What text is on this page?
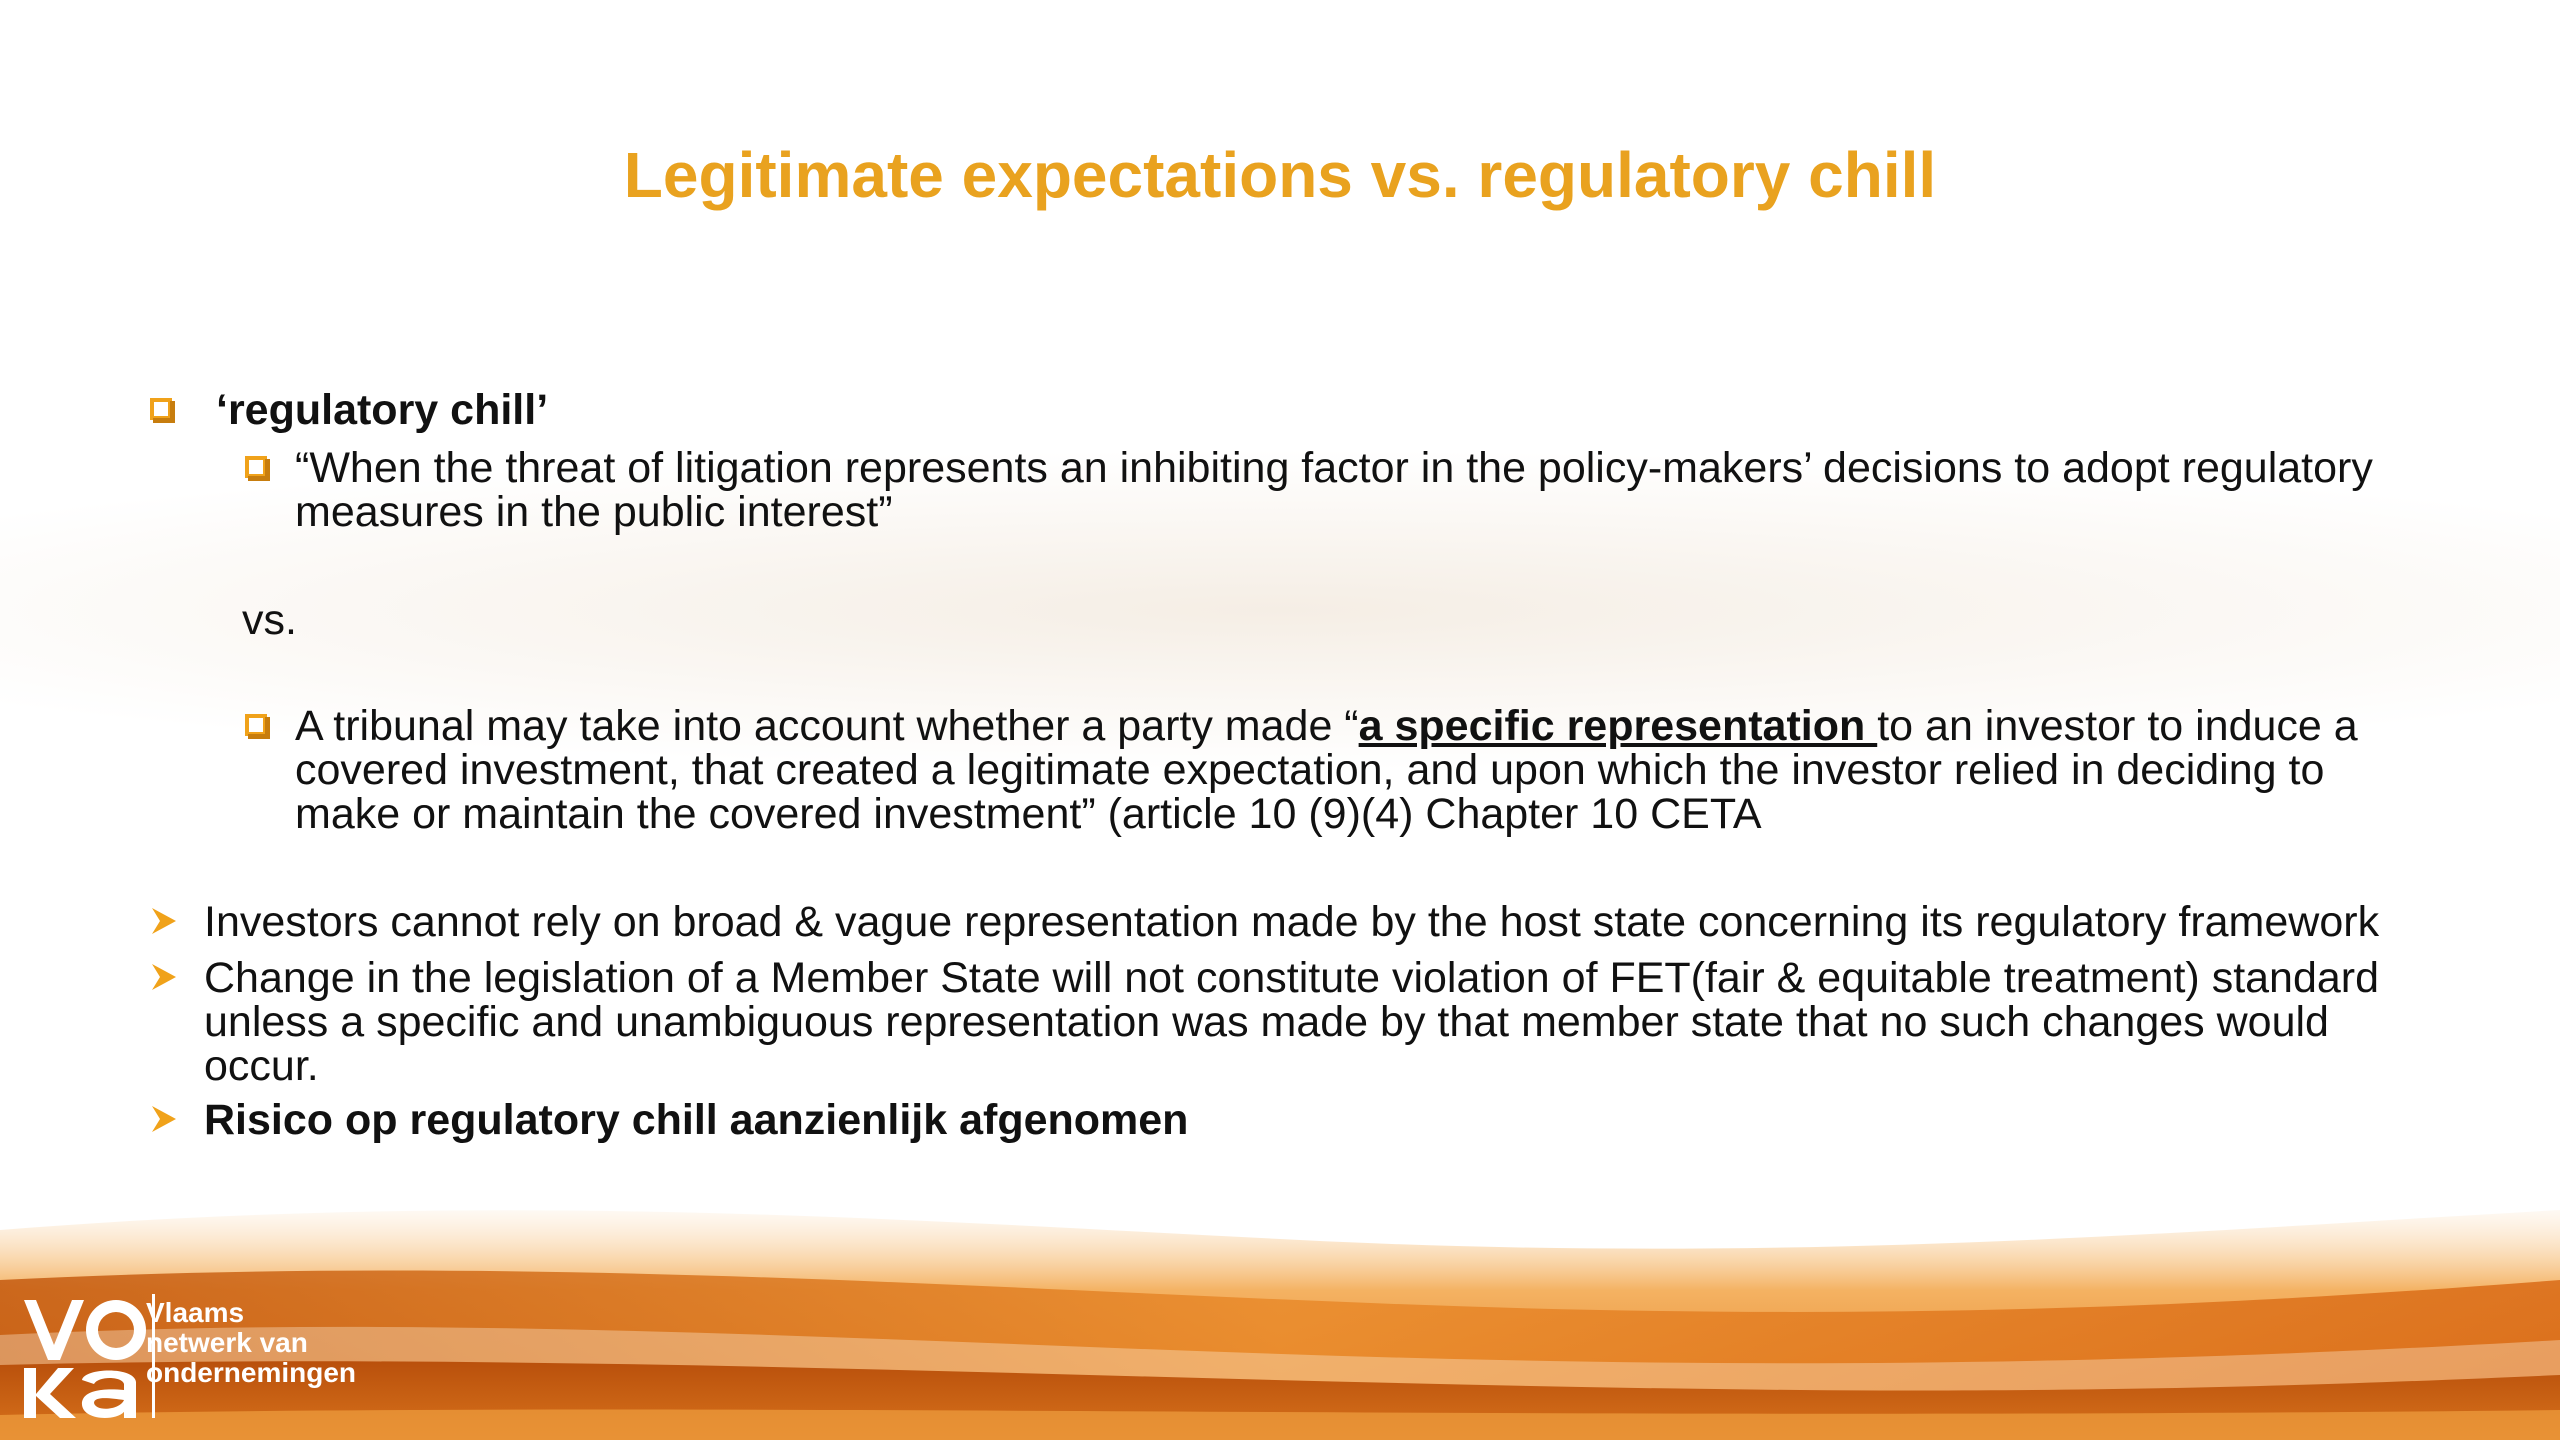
Legitimate expectations vs. regulatory chill
‘regulatory chill’
“When the threat of litigation represents an inhibiting factor in the policy-makers’ decisions to adopt regulatory measures in the public interest”
vs.
A tribunal may take into account whether a party made “a specific representation to an investor to induce a covered investment, that created a legitimate expectation, and upon which the investor relied in deciding to make or maintain the covered investment” (article 10 (9)(4) Chapter 10 CETA
Investors cannot rely on broad & vague representation made by the host state concerning its regulatory framework
Change in the legislation of a Member State will not constitute violation of FET(fair & equitable treatment) standard unless a specific and unambiguous representation was made by that member state that no such changes would occur.
Risico op regulatory chill aanzienlijk afgenomen
Vlaams
netwerk van
ondernemingen
